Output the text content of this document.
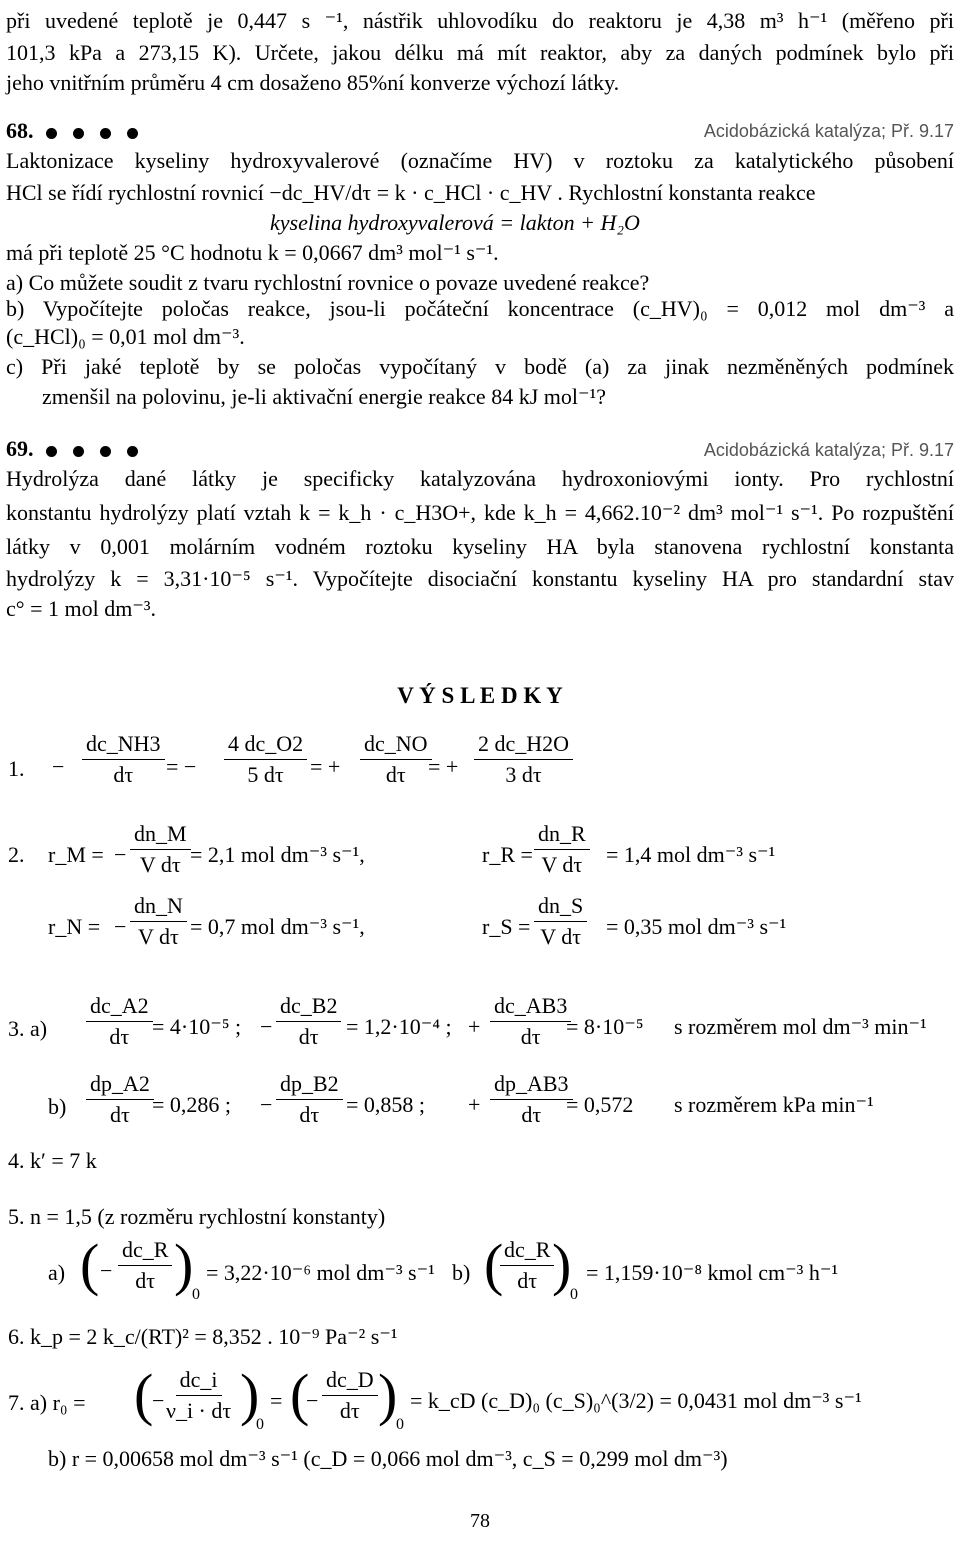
při uvedené teplotě je 0,447 s ⁻¹, nástřik uhlovodíku do reaktoru je 4,38 m³ h⁻¹ (měřeno při
101,3 kPa a 273,15 K). Určete, jakou délku má mít reaktor, aby za daných podmínek bylo při
jeho vnitřním průměru 4 cm dosaženo 85%ní konverze výchozí látky.
68.	Acidobázická katalýza; Př. 9.17
Laktonizace kyseliny hydroxyvalerové (označíme HV) v roztoku za katalytického působení
HCl se řídí rychlostní rovnicí −dc_HV/dτ = k · c_HCl · c_HV . Rychlostní konstanta reakce
kyselina hydroxyvalerová = lakton + H₂O
má při teplotě 25 °C hodnotu k = 0,0667 dm³ mol⁻¹ s⁻¹.
a) Co můžete soudit z tvaru rychlostní rovnice o povaze uvedené reakce?
b) Vypočítejte poločas reakce, jsou-li počáteční koncentrace (c_HV)₀ = 0,012 mol dm⁻³ a
(c_HCl)₀ = 0,01 mol dm⁻³.
c) Při jaké teplotě by se poločas vypočítaný v bodě (a) za jinak nezměněných podmínek
zmenšil na polovinu, je-li aktivační energie reakce 84 kJ mol⁻¹?
69.	Acidobázická katalýza; Př. 9.17
Hydrolýza dané látky je specificky katalyzována hydroxoniovými ionty. Pro rychlostní
konstantu hydrolýzy platí vztah k = k_h · c_H3O+, kde k_h = 4,662.10⁻² dm³ mol⁻¹ s⁻¹. Po rozpuštění
látky v 0,001 molárním vodném roztoku kyseliny HA byla stanovena rychlostní konstanta
hydrolýzy k = 3,31·10⁻⁵ s⁻¹. Vypočítejte disociační konstantu kyseliny HA pro standardní stav
c° = 1 mol dm⁻³.
V Ý S L E D K Y
1. − $\frac{dc\_NH3}{d\tau}$ = − $\frac{4 dc\_O2}{5 d\tau}$ = + $\frac{dc\_NO}{d\tau}$
= + $\frac{2 dc\_H2O}{3 d\tau}$
2. r_M = − $\frac{dn\_M}{\text{V dτ}} = 2,1$ mol dm⁻³ s⁻¹,	r_R = $\frac{dn\_R}{\text{V dτ}} = 1,4$ mol dm⁻³ s⁻¹
r_N = − $\frac{dn\_N}{\text{V dτ}} = 0,7$ mol dm⁻³ s⁻¹,	r_S = $\frac{dn\_S}{\text{V dτ}} = 0,35$ mol dm⁻³ s⁻¹
3. $a) \frac{dc\_A2}{d\tau} = 4\cdot 10^{-5}$ ; − $\frac{dc\_B2}{d\tau} = 1,2\cdot 10^{-4}$ ; + $\frac{dc\_AB3}{d\tau}$
= 8·10⁻⁵ s rozměrem mol dm⁻³ min⁻¹
$b) \frac{dp\_A2}{d\tau}$
= 0,286 ; − $\frac{dp\_B2}{d\tau} = 0,858$ ; + $\frac{dp\_AB3}{d\tau}$
= 0,572 s rozměrem kPa min⁻¹
4. k′ = 7 k
5. n = 1,5 (z rozměru rychlostní konstanty)
a) ( − $\frac{dc\_R}{d\tau}$ )
0
= 3,22·10⁻⁶ mol dm⁻³ s⁻¹ b) (
$\frac{dc\_R}{d\tau}$
)
0
= 1,159·10⁻⁸ kmol cm⁻³ h⁻¹
6. k_p = 2 k_c/(RT)² = 8,352 . 10⁻⁹ Pa⁻² s⁻¹
7. a) r₀ = (
− $\frac{dc\_i}{\nu\_i \cdot d\tau}$ )
0
= (
− $\frac{dc\_D}{d\tau}$ )
0
= k_cD (c_D)₀ (c_S)₀^(3/2) = 0,0431 mol dm⁻³ s⁻¹
b) r = 0,00658 mol dm⁻³ s⁻¹ (c_D = 0,066 mol dm⁻³, c_S = 0,299 mol dm⁻³)
78
